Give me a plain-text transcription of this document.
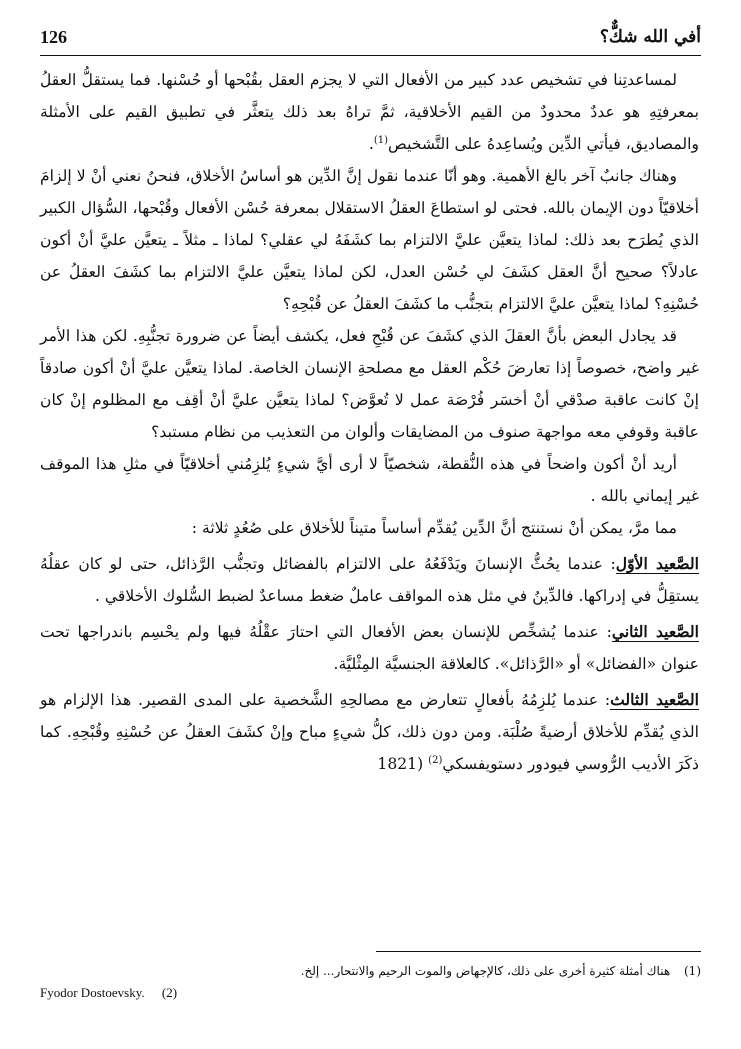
126	أفي الله شكٌّ؟

لمساعدتِنا في تشخيص عدد كبير من الأفعال التي لا يجزم العقل بقُبْحها أو حُسْنها. فما يستقلُّ العقلُ بمعرفتِهِ هو عددٌ محدودٌ من القيم الأخلاقية، ثمَّ تراهُ بعد ذلك يتعثَّر في تطبيق القيم على الأمثلة والمصاديق، فيأتي الدِّين ويُساعِدهُ على التَّشخيص$^{(1)}$.

وهناك جانبٌ آخر بالغ الأهمية. وهو أنّا عندما نقول إنَّ الدِّين هو أساسُ الأخلاق، فنحنُ نعني أنْ لا إلزامَ أخلاقيّاً دون الإيمان بالله. فحتى لو استطاعَ العقلُ الاستقلال بمعرفة حُسْن الأفعال وقُبْحها، السُّؤال الكبير الذي يُطرَح بعد ذلك: لماذا يتعيَّن عليَّ الالتزام بما كشَفَهُ لي عقلي؟ لماذا ـ مثلاً ـ يتعيَّن عليَّ أنْ أكون عادلاً؟ صحيح أنَّ العقل كشَفَ لي حُسْن العدل، لكن لماذا يتعيَّن عليَّ الالتزام بما كشَفَ العقلُ عن حُسْنِهِ؟ لماذا يتعيَّن عليَّ الالتزام بتجنُّب ما كشَفَ العقلُ عن قُبْحِهِ؟

قد يجادل البعض بأنَّ العقلَ الذي كشَفَ عن قُبْحِ فعل، يكشف أيضاً عن ضرورة تجنُّبِهِ. لكن هذا الأمر غير واضح، خصوصاً إذا تعارضَ حُكْم العقل مع مصلحةِ الإنسان الخاصة. لماذا يتعيَّن عليَّ أنْ أكون صادقاً إنْ كانت عاقبة صدْقي أنْ أخسَر فُرْصَة عمل لا تُعوَّض؟ لماذا يتعيَّن عليَّ أنْ أقِف مع المظلوم إنْ كان عاقبة وقوفي معه مواجهة صنوف من المضايقات وألوان من التعذيب من نظام مستبد؟

أريد أنْ أكون واضحاً في هذه النُّقطة، شخصيّاً لا أرى أيَّ شيءٍ يُلزِمُني أخلاقيّاً في مثلِ هذا الموقف غير إيماني بالله .

مما مرَّ، يمكن أنْ نستنتج أنَّ الدِّين يُقدِّم أساساً متيناً للأخلاق على صُعُدٍ ثلاثة :

الصَّعيد الأوّل: عندما يحُثُّ الإنسانَ ويَدْفَعُهُ على الالتزام بالفضائل وتجنُّب الرَّذائل، حتى لو كان عقلُهُ يستقِلُّ في إدراكها. فالدِّينُ في مثل هذه المواقف عاملٌ ضغط مساعدٌ لضبط السُّلوك الأخلاقي .

الصَّعيد الثاني: عندما يُشخِّص للإنسان بعض الأفعال التي احتارَ عقْلُهُ فيها ولم يحْسِم باندراجها تحت عنوان «الفضائل» أو «الرَّذائل». كالعلاقة الجنسيَّة المِثْليَّة.

الصَّعيد الثالث: عندما يُلزِمُهُ بأفعالٍ تتعارض مع مصالحِهِ الشَّخصية على المدى القصير. هذا الإلزام هو الذي يُقدِّم للأخلاق أرضيةً صُلْبَة. ومن دون ذلك، كلُّ شيءٍ مباح وإنْ كشَفَ العقلُ عن حُسْنِهِ وقُبْحِهِ. كما ذكَرَ الأديب الرُّوسي فيودور دستويفسكي$^{(2)}$ (1821

(1) هناك أمثلة كثيرة أخرى على ذلك، كالإجهاض والموت الرحيم والانتحار... إلخ.
Fyodor Dostoevsky. (2)
